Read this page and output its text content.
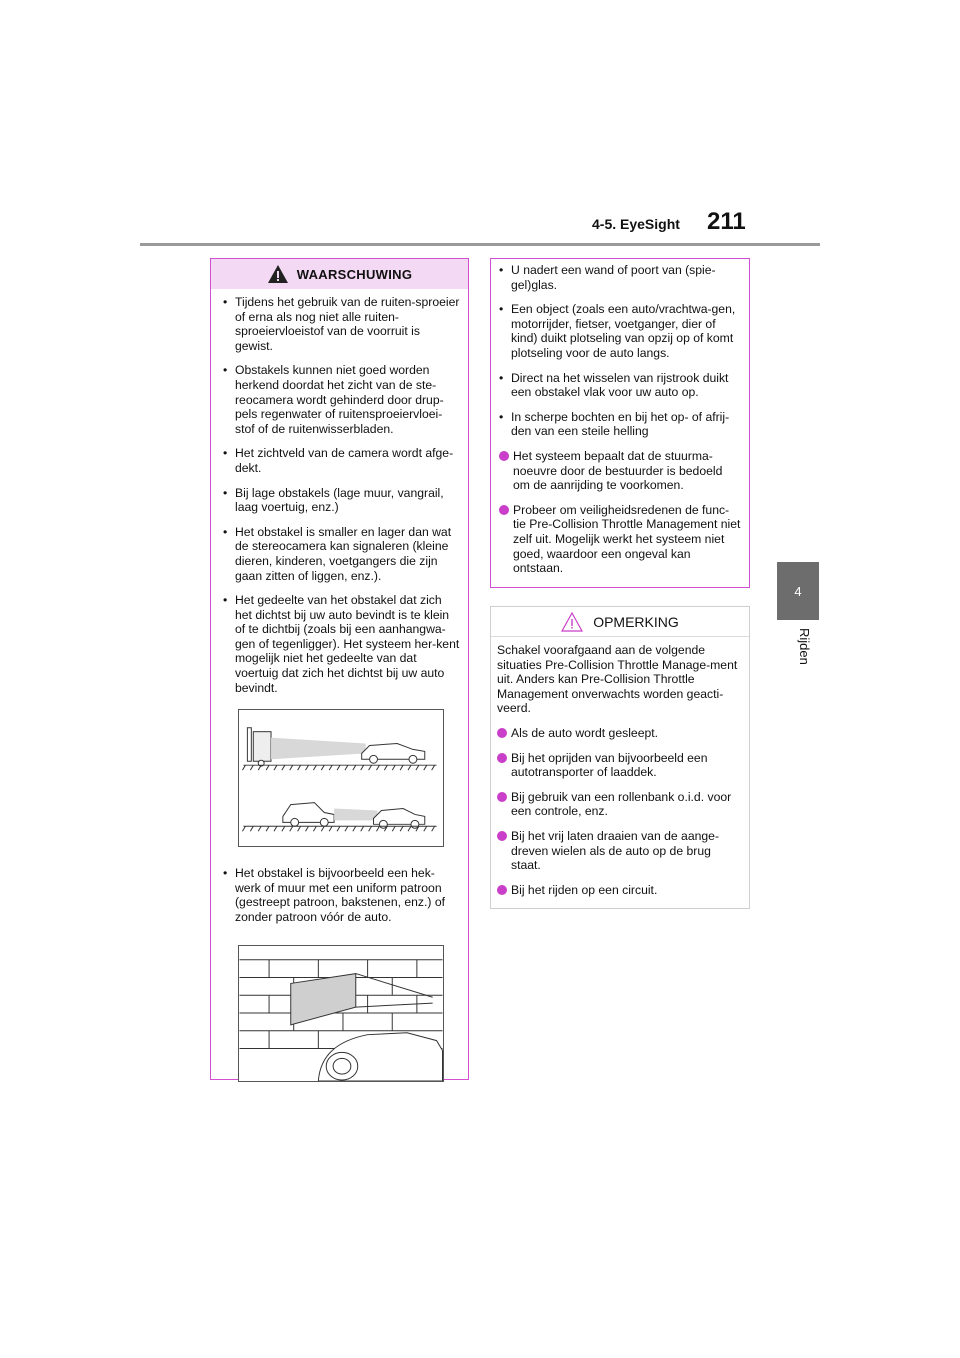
4-5. EyeSight 211
4
Rijden
WAARSCHUWING
• Tijdens het gebruik van de ruiten-sproeier of erna als nog niet alle ruiten-sproeiervloeistof van de voorruit is gewist.
• Obstakels kunnen niet goed worden herkend doordat het zicht van de ste-reocamera wordt gehinderd door drup-pels regenwater of ruitensproeiervloei-stof of de ruitenwisserbladen.
• Het zichtveld van de camera wordt afge-dekt.
• Bij lage obstakels (lage muur, vangrail, laag voertuig, enz.)
• Het obstakel is smaller en lager dan wat de stereocamera kan signaleren (kleine dieren, kinderen, voetgangers die zijn gaan zitten of liggen, enz.).
• Het gedeelte van het obstakel dat zich het dichtst bij uw auto bevindt is te klein of te dichtbij (zoals bij een aanhangwa-gen of tegenligger). Het systeem her-kent mogelijk niet het gedeelte van dat voertuig dat zich het dichtst bij uw auto bevindt.
• Het obstakel is bijvoorbeeld een hek-werk of muur met een uniform patroon (gestreept patroon, bakstenen, enz.) of zonder patroon vóór de auto.
• U nadert een wand of poort van (spie-gel)glas.
• Een object (zoals een auto/vrachtwa-gen, motorrijder, fietser, voetganger, dier of kind) duikt plotseling van opzij op of komt plotseling voor de auto langs.
• Direct na het wisselen van rijstrook duikt een obstakel vlak voor uw auto op.
• In scherpe bochten en bij het op- of afrij-den van een steile helling
Het systeem bepaalt dat de stuurma-noeuvre door de bestuurder is bedoeld om de aanrijding te voorkomen.
Probeer om veiligheidsredenen de func-tie Pre-Collision Throttle Management niet zelf uit. Mogelijk werkt het systeem niet goed, waardoor een ongeval kan ontstaan.
OPMERKING
Schakel voorafgaand aan de volgende situaties Pre-Collision Throttle Manage-ment uit. Anders kan Pre-Collision Throttle Management onverwachts worden geacti-veerd.
Als de auto wordt gesleept.
Bij het oprijden van bijvoorbeeld een autotransporter of laaddek.
Bij gebruik van een rollenbank o.i.d. voor een controle, enz.
Bij het vrij laten draaien van de aange-dreven wielen als de auto op de brug staat.
Bij het rijden op een circuit.
